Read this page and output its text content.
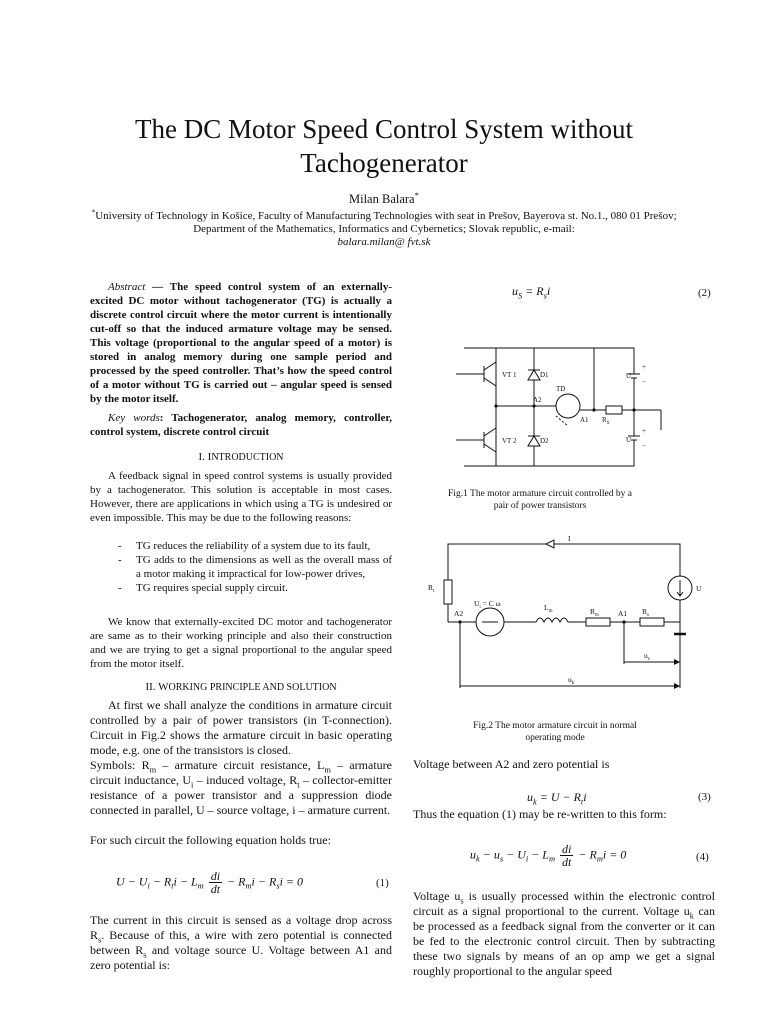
The DC Motor Speed Control System without Tachogenerator
Milan Balara*
*University of Technology in Košice, Faculty of Manufacturing Technologies with seat in Prešov, Bayerova st. No.1., 080 01 Prešov; Department of the Mathematics, Informatics and Cybernetics; Slovak republic, e-mail:
balara.milan@ fvt.sk
Abstract — The speed control system of an externally-excited DC motor without tachogenerator (TG) is actually a discrete control circuit where the motor current is intentionally cut-off so that the induced armature voltage may be sensed. This voltage (proportional to the angular speed of a motor) is stored in analog memory during one sample period and processed by the speed controller. That’s how the speed control of a motor without TG is carried out – angular speed is sensed by the motor itself.
Key words: Tachogenerator, analog memory, controller, control system, discrete control circuit
I. INTRODUCTION
A feedback signal in speed control systems is usually provided by a tachogenerator. This solution is acceptable in most cases. However, there are applications in which using a TG is undesired or even impossible. This may be due to the following reasons:
- TG reduces the reliability of a system due to its fault,
- TG adds to the dimensions as well as the overall mass of a motor making it impractical for low-power drives,
- TG requires special supply circuit.
We know that externally-excited DC motor and tachogenerator are same as to their working principle and also their construction and we are trying to get a signal proportional to the angular speed from the motor itself.
II. WORKING PRINCIPLE AND SOLUTION
At first we shall analyze the conditions in armature circuit controlled by a pair of power transistors (in T-connection). Circuit in Fig.2 shows the armature circuit in basic operating mode, e.g. one of the transistors is closed.
Symbols: $R_m$ – armature circuit resistance, $L_m$ – armature circuit inductance, $U_i$ – induced voltage, $R_t$ – collector-emitter resistance of a power transistor and a suppression diode connected in parallel, U – source voltage, i – armature current.
For such circuit the following equation holds true:
$U - U_i - R_ti - L_m \frac{di}{dt} - R_mi - R_si = 0$	(1)
The current in this circuit is sensed as a voltage drop across $R_s$. Because of this, a wire with zero potential is connected between $R_s$ and voltage source U. Voltage between A1 and zero potential is:
$u_S = R_si$	(2)
VT 1	D1
VT 2	D2
TD
A2
A1 $R_S$
U
U
+
−
+
−
Fig.1 The motor armature circuit controlled by a pair of power transistors
I
$R_t$
$U_i = C$ ω	$L_m$	$R_m$	A1
A2	$R_s$
U
$u_s$
$u_k$
Fig.2 The motor armature circuit in normal operating mode
Voltage between A2 and zero potential is
$u_k = U - R_ti$	(3)
Thus the equation (1) may be re-written to this form:
$u_k - u_s - U_i - L_m \frac{di}{dt} - R_mi = 0$	(4)
Voltage $u_s$ is usually processed within the electronic control circuit as a signal proportional to the current. Voltage $u_k$ can be processed as a feedback signal from the converter or it can be fed to the electronic control circuit. Then by subtracting these two signals by means of an op amp we get a signal roughly proportional to the angular speed
